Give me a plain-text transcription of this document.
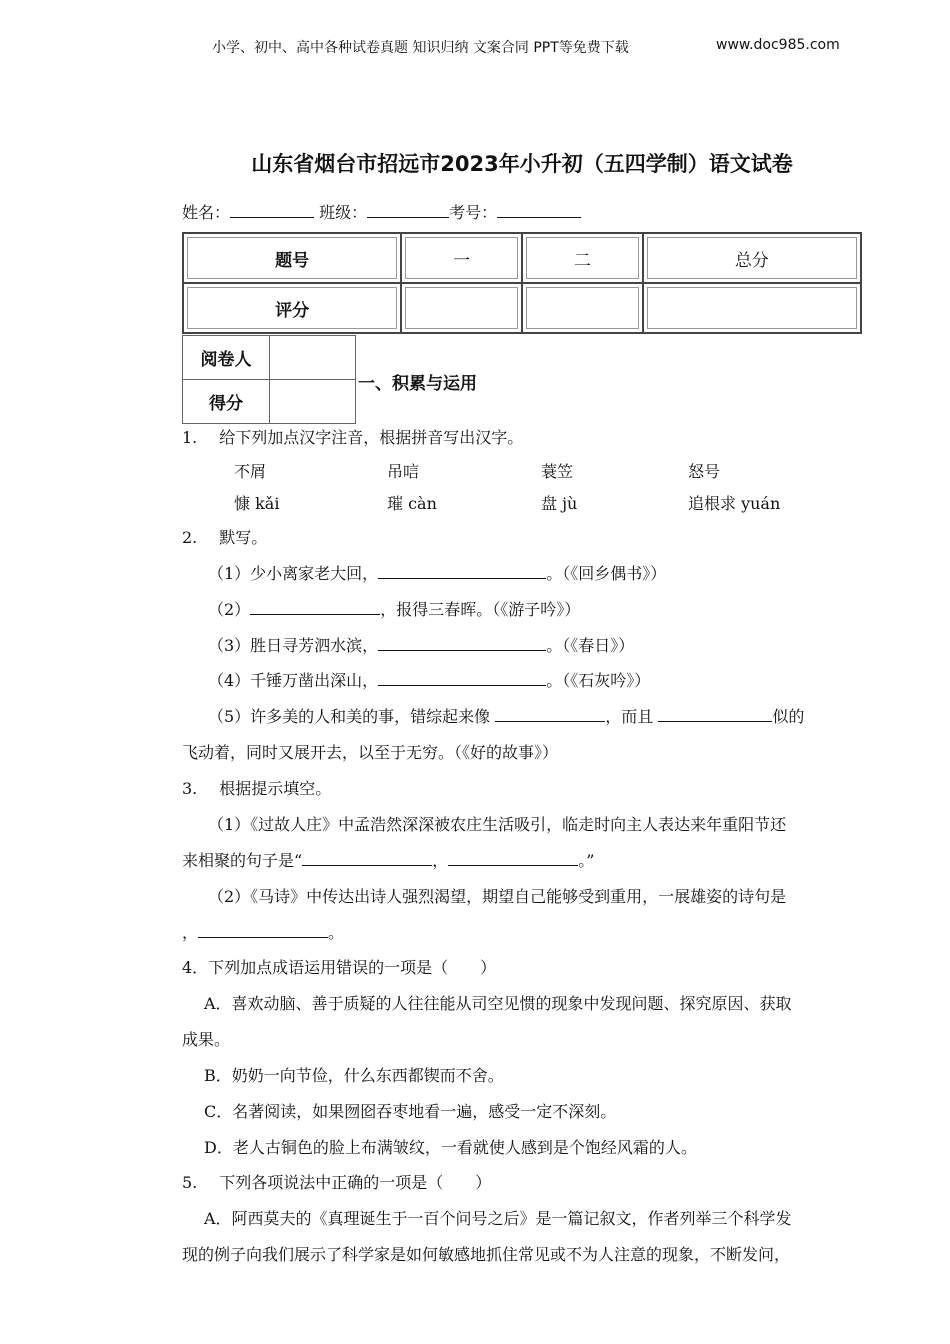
小学、初中、高中各种试卷真题 知识归纳 文案合同 PPT等免费下载	www.doc985.com
山东省烟台市招远市2023年小升初（五四学制）语文试卷
姓名：	班级：	考号：
题号	一	二	总分
评分			
阅卷人	
得分	
一、积累与运用
1. 给下列加点汉字注音，根据拼音写出汉字。
不屑	吊唁	蓑笠	怒号
慷 kǎi	璀 càn	盘 jù	追根求 yuán
2. 默写。
（1）少小离家老大回，	。（《回乡偶书》）
（2）	，报得三春晖。（《游子吟》）
（3）胜日寻芳泗水滨，	。（《春日》）
（4）千锤万凿出深山，	。（《石灰吟》）
（5）许多美的人和美的事，错综起来像	，而且	似的
飞动着，同时又展开去，以至于无穷。（《好的故事》）
3. 根据提示填空。
（1）《过故人庄》中孟浩然深深被农庄生活吸引，临走时向主人表达来年重阳节还
来相聚的句子是“	，	。”
（2）《马诗》中传达出诗人强烈渴望，期望自己能够受到重用，一展雄姿的诗句是
，	。
4．下列加点成语运用错误的一项是（　　）
A．喜欢动脑、善于质疑的人往往能从司空见惯的现象中发现问题、探究原因、获取
成果。
B．奶奶一向节俭，什么东西都锲而不舍。
C．名著阅读，如果囫囵吞枣地看一遍，感受一定不深刻。
D．老人古铜色的脸上布满皱纹，一看就使人感到是个饱经风霜的人。
5. 下列各项说法中正确的一项是（　　）
A．阿西莫夫的《真理诞生于一百个问号之后》是一篇记叙文，作者列举三个科学发
现的例子向我们展示了科学家是如何敏感地抓住常见或不为人注意的现象，不断发问，
